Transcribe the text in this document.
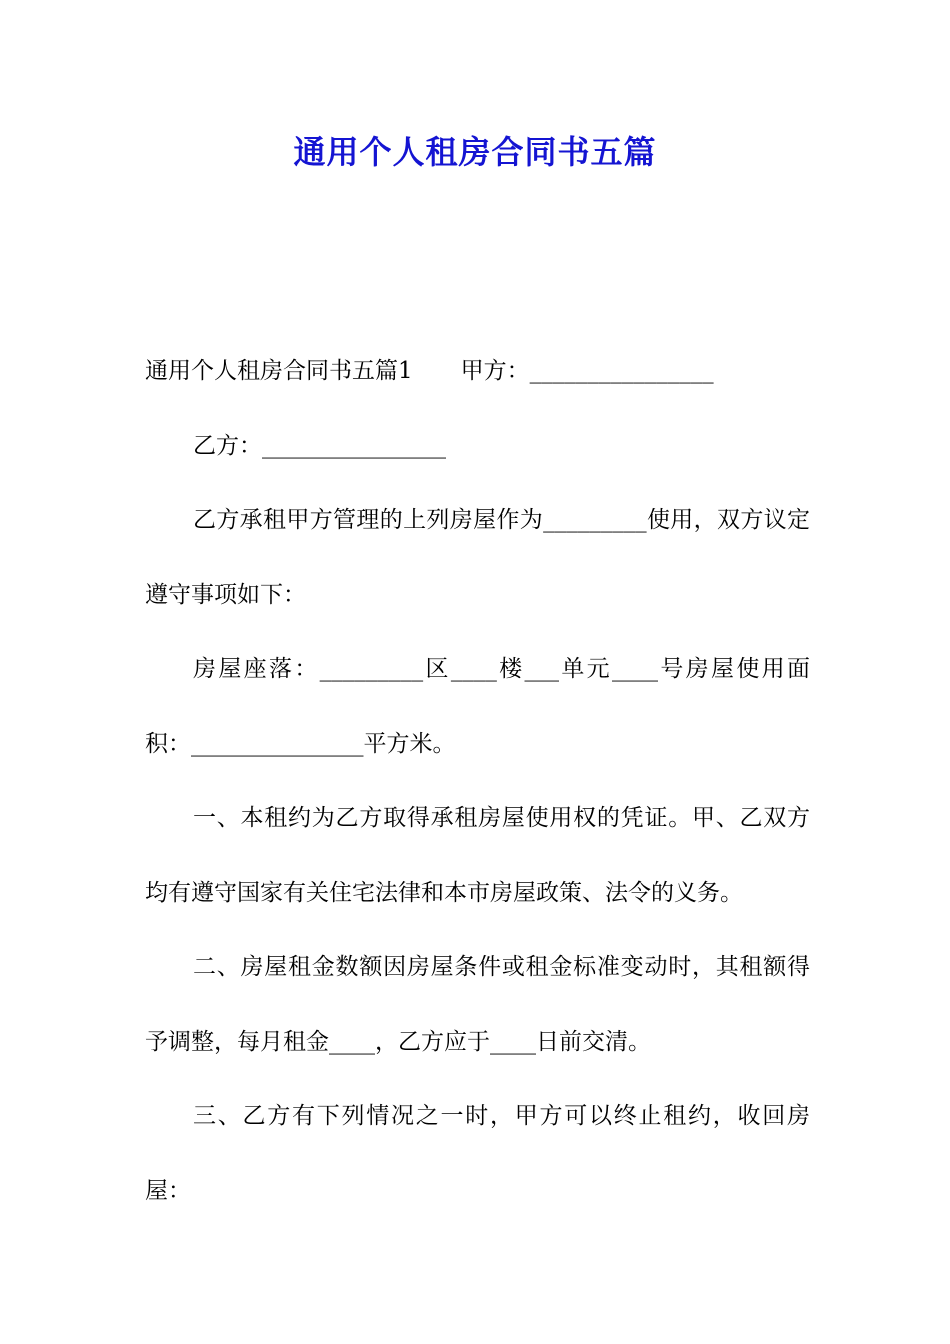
通用个人租房合同书五篇

通用个人租房合同书五篇1 甲方：________________

乙方：________________

乙方承租甲方管理的上列房屋作为_________使用，双方议定遵守事项如下：

房屋座落：_________区____楼___单元____号房屋使用面积：_______________平方米。

一、本租约为乙方取得承租房屋使用权的凭证。甲、乙双方均有遵守国家有关住宅法律和本市房屋政策、法令的义务。

二、房屋租金数额因房屋条件或租金标准变动时，其租额得予调整，每月租金____，乙方应于____日前交清。

三、乙方有下列情况之一时，甲方可以终止租约，收回房屋：
